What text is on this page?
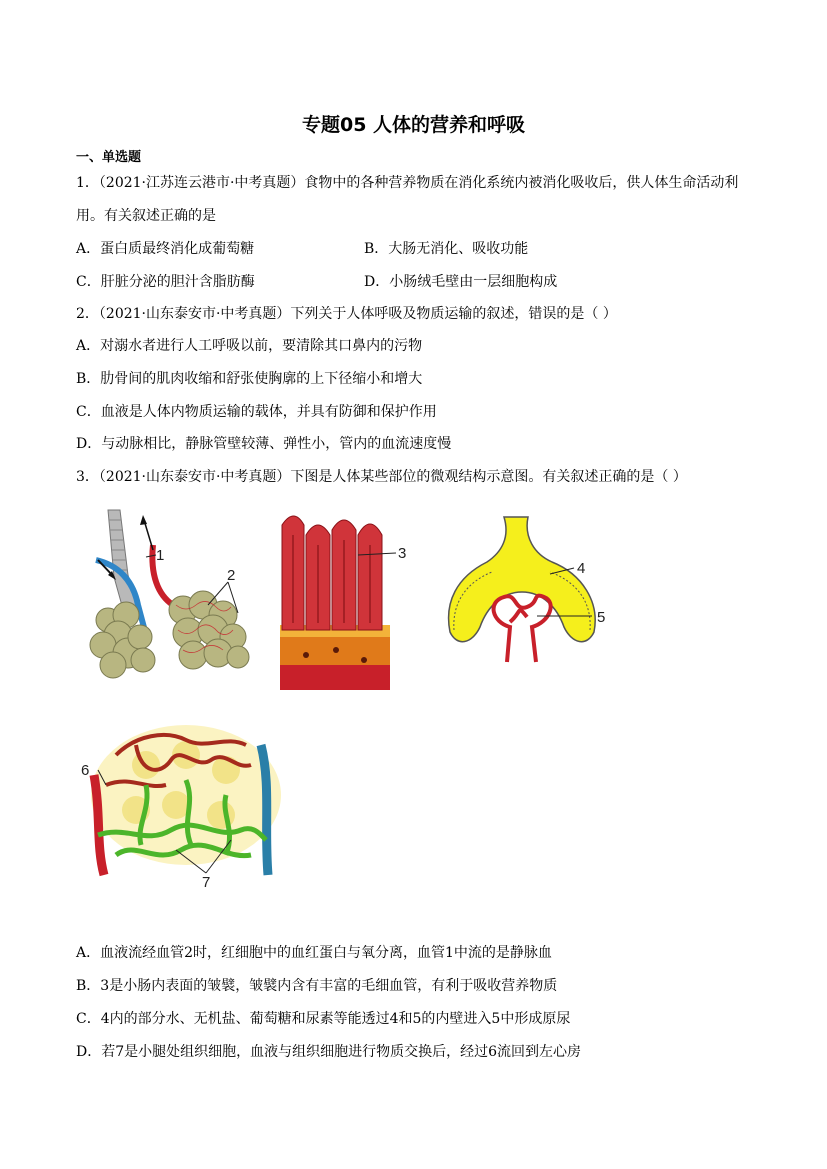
专题05 人体的营养和呼吸
一、单选题
1．（2021·江苏连云港市·中考真题）食物中的各种营养物质在消化系统内被消化吸收后，供人体生命活动利
用。有关叙述正确的是
A．蛋白质最终消化成葡萄糖	B．大肠无消化、吸收功能
C．肝脏分泌的胆汁含脂肪酶	D．小肠绒毛壁由一层细胞构成
2．（2021·山东泰安市·中考真题）下列关于人体呼吸及物质运输的叙述，错误的是（ ）
A．对溺水者进行人工呼吸以前，要清除其口鼻内的污物
B．肋骨间的肌肉收缩和舒张使胸廓的上下径缩小和增大
C．血液是人体内物质运输的载体，并具有防御和保护作用
D．与动脉相比，静脉管壁较薄、弹性小，管内的血流速度慢
3．（2021·山东泰安市·中考真题）下图是人体某些部位的微观结构示意图。有关叙述正确的是（ ）
1
2
3
4
5
6
7
A．血液流经血管2时，红细胞中的血红蛋白与氧分离，血管1中流的是静脉血
B．3是小肠内表面的皱襞，皱襞内含有丰富的毛细血管，有利于吸收营养物质
C．4内的部分水、无机盐、葡萄糖和尿素等能透过4和5的内壁进入5中形成原尿
D．若7是小腿处组织细胞，血液与组织细胞进行物质交换后，经过6流回到左心房
